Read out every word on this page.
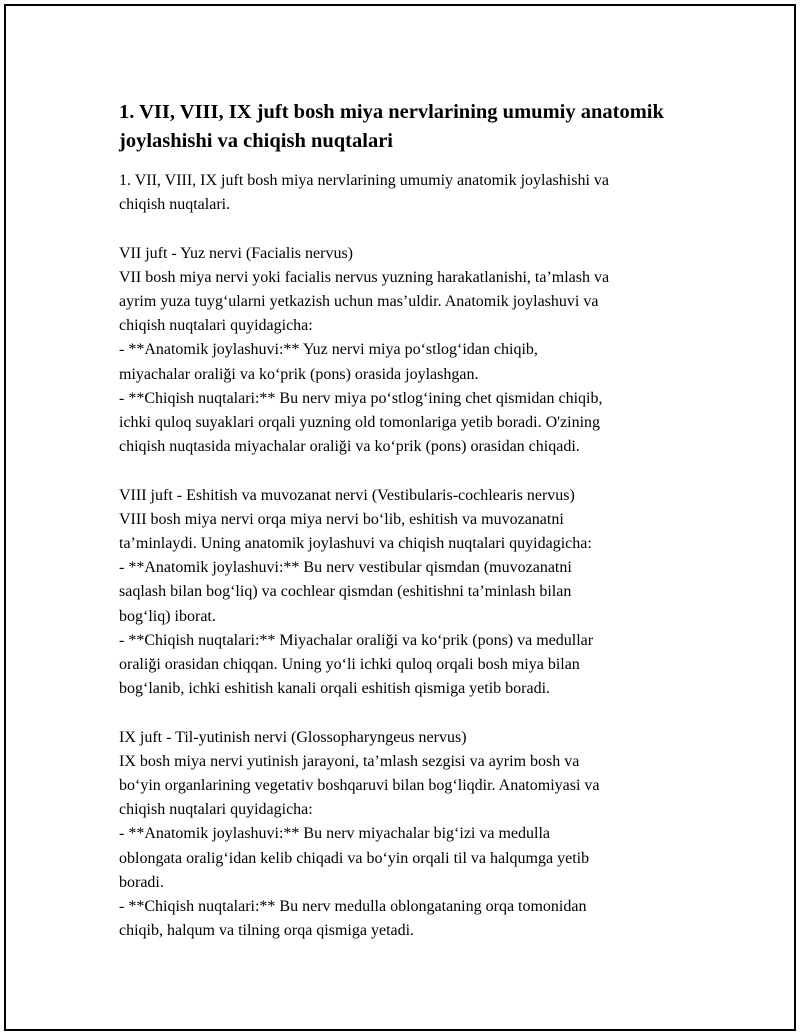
1. VII, VIII, IX juft bosh miya nervlarining umumiy anatomik
joylashishi va chiqish nuqtalari
1. VII, VIII, IX juft bosh miya nervlarining umumiy anatomik joylashishi va
chiqish nuqtalari.
VII juft - Yuz nervi (Facialis nervus)
VII bosh miya nervi yoki facialis nervus yuzning harakatlanishi, ta’mlash va
ayrim yuza tuyg‘ularni yetkazish uchun mas’uldir. Anatomik joylashuvi va
chiqish nuqtalari quyidagicha:
- **Anatomik joylashuvi:** Yuz nervi miya po‘stlog‘idan chiqib,
miyachalar oraliği va ko‘prik (pons) orasida joylashgan.
- **Chiqish nuqtalari:** Bu nerv miya po‘stlog‘ining chet qismidan chiqib,
ichki quloq suyaklari orqali yuzning old tomonlariga yetib boradi. O'zining
chiqish nuqtasida miyachalar oraliği va ko‘prik (pons) orasidan chiqadi.
VIII juft - Eshitish va muvozanat nervi (Vestibularis-cochlearis nervus)
VIII bosh miya nervi orqa miya nervi bo‘lib, eshitish va muvozanatni
ta’minlaydi. Uning anatomik joylashuvi va chiqish nuqtalari quyidagicha:
- **Anatomik joylashuvi:** Bu nerv vestibular qismdan (muvozanatni
saqlash bilan bog‘liq) va cochlear qismdan (eshitishni ta’minlash bilan
bog‘liq) iborat.
- **Chiqish nuqtalari:** Miyachalar oraliği va ko‘prik (pons) va medullar
oraliği orasidan chiqqan. Uning yo‘li ichki quloq orqali bosh miya bilan
bog‘lanib, ichki eshitish kanali orqali eshitish qismiga yetib boradi.
IX juft - Til-yutinish nervi (Glossopharyngeus nervus)
IX bosh miya nervi yutinish jarayoni, ta’mlash sezgisi va ayrim bosh va
bo‘yin organlarining vegetativ boshqaruvi bilan bog‘liqdir. Anatomiyasi va
chiqish nuqtalari quyidagicha:
- **Anatomik joylashuvi:** Bu nerv miyachalar big‘izi va medulla
oblongata oralig‘idan kelib chiqadi va bo‘yin orqali til va halqumga yetib
boradi.
- **Chiqish nuqtalari:** Bu nerv medulla oblongataning orqa tomonidan
chiqib, halqum va tilning orqa qismiga yetadi.
